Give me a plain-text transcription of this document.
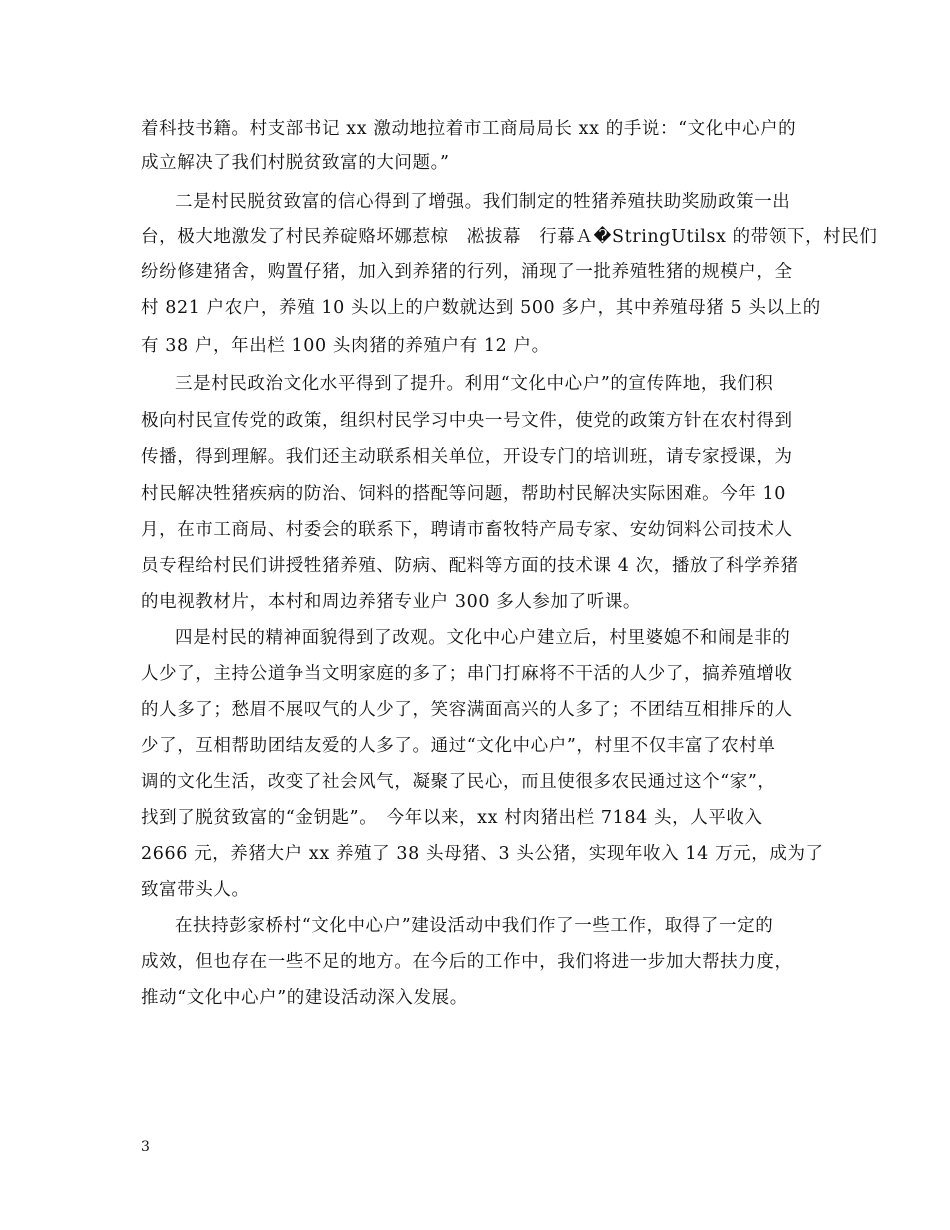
着科技书籍。村支部书记 xx 激动地拉着市工商局局长 xx 的手说：“文化中心户的
成立解决了我们村脱贫致富的大问题。”
二是村民脱贫致富的信心得到了增强。我们制定的牲猪养殖扶助奖励政策一出
台，极大地激发了村民养碇赂坏娜惹椋　凇拔幕　行幕Ａ�StringUtilsx 的带领下，村民们
纷纷修建猪舍，购置仔猪，加入到养猪的行列，涌现了一批养殖牲猪的规模户，全
村 821 户农户，养殖 10 头以上的户数就达到 500 多户，其中养殖母猪 5 头以上的
有 38 户，年出栏 100 头肉猪的养殖户有 12 户。
三是村民政治文化水平得到了提升。利用“文化中心户”的宣传阵地，我们积
极向村民宣传党的政策，组织村民学习中央一号文件，使党的政策方针在农村得到
传播，得到理解。我们还主动联系相关单位，开设专门的培训班，请专家授课，为
村民解决牲猪疾病的防治、饲料的搭配等问题，帮助村民解决实际困难。今年 10
月，在市工商局、村委会的联系下，聘请市畜牧特产局专家、安幼饲料公司技术人
员专程给村民们讲授牲猪养殖、防病、配料等方面的技术课 4 次，播放了科学养猪
的电视教材片，本村和周边养猪专业户 300 多人参加了听课。
四是村民的精神面貌得到了改观。文化中心户建立后，村里婆媳不和闹是非的
人少了，主持公道争当文明家庭的多了；串门打麻将不干活的人少了，搞养殖增收
的人多了；愁眉不展叹气的人少了，笑容满面高兴的人多了；不团结互相排斥的人
少了，互相帮助团结友爱的人多了。通过“文化中心户”，村里不仅丰富了农村单
调的文化生活，改变了社会风气，凝聚了民心，而且使很多农民通过这个“家”，
找到了脱贫致富的“金钥匙”。　今年以来，xx 村肉猪出栏 7184 头，人平收入
2666 元，养猪大户 xx 养殖了 38 头母猪、3 头公猪，实现年收入 14 万元，成为了
致富带头人。
在扶持彭家桥村“文化中心户”建设活动中我们作了一些工作，取得了一定的
成效，但也存在一些不足的地方。在今后的工作中，我们将进一步加大帮扶力度，
推动“文化中心户”的建设活动深入发展。
3
